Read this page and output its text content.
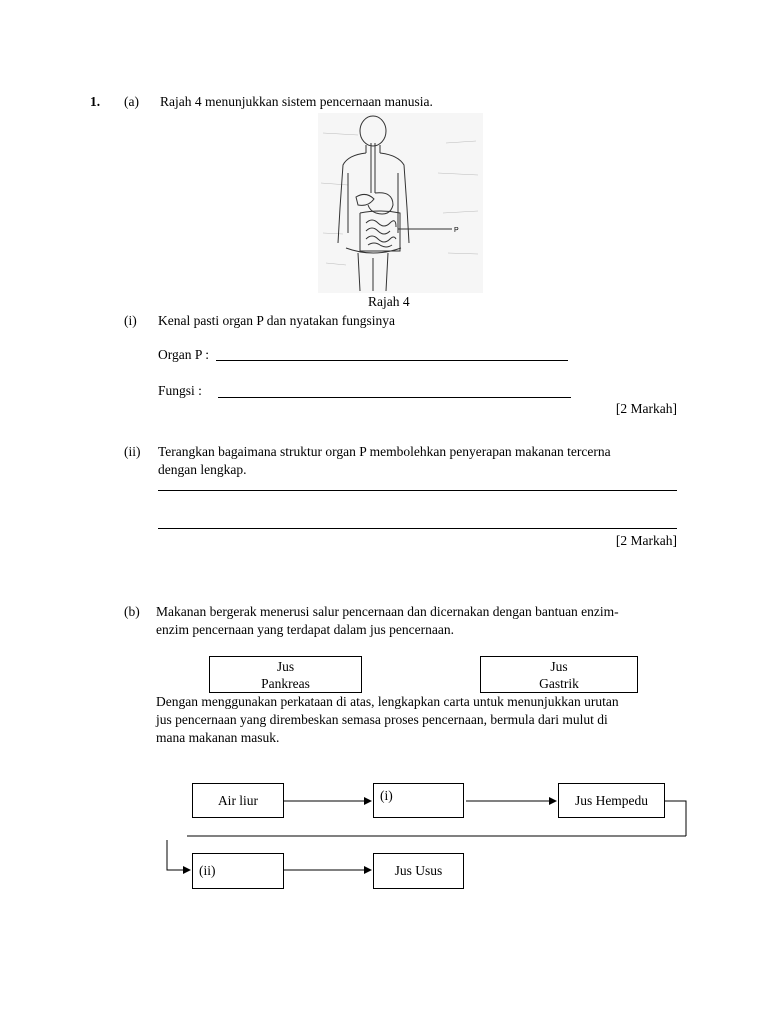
1. (a) Rajah 4 menunjukkan sistem pencernaan manusia.
P
Rajah 4
(i) Kenal pasti organ P dan nyatakan fungsinya
Organ P :
Fungsi :
[2 Markah]
(ii) Terangkan bagaimana struktur organ P membolehkan penyerapan makanan tercerna
dengan lengkap.
[2 Markah]
(b) Makanan bergerak menerusi salur pencernaan dan dicernakan dengan bantuan enzim-
enzim pencernaan yang terdapat dalam jus pencernaan.
Jus
Pankreas
Jus
Gastrik
Dengan menggunakan perkataan di atas, lengkapkan carta untuk menunjukkan urutan
jus pencernaan yang dirembeskan semasa proses pencernaan, bermula dari mulut di
mana makanan masuk.
Air liur	(i)	Jus Hempedu
(ii)	Jus Usus
